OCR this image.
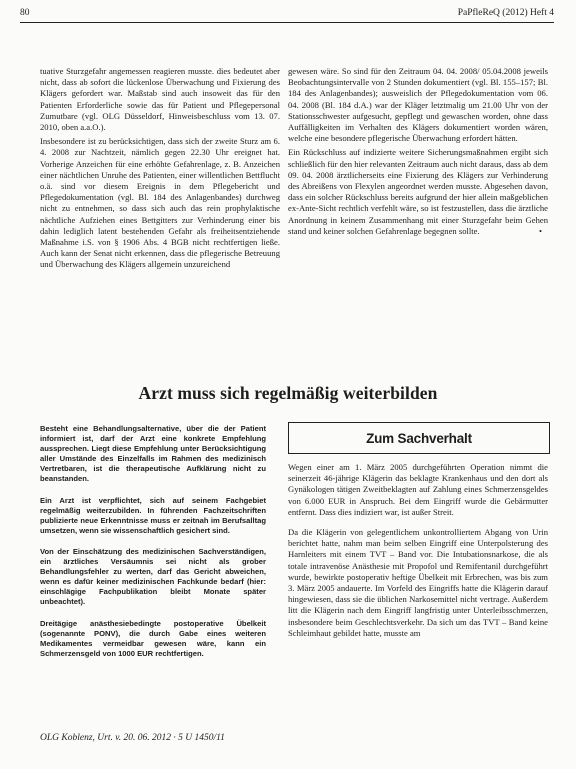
80	PaPfleReQ (2012) Heft 4

tuative Sturzgefahr angemessen reagieren musste. dies bedeutet aber nicht, dass ab sofort die lückenlose Überwachung und Fixierung des Klägers gefordert war. Maßstab sind auch insoweit das für den Patienten Erforderliche sowie das für Patient und Pflegepersonal Zumutbare (vgl. OLG Düsseldorf, Hinweisbeschluss vom 13. 07. 2010, oben a.a.O.).

Insbesondere ist zu berücksichtigen, dass sich der zweite Sturz am 6. 4. 2008 zur Nachtzeit, nämlich gegen 22.30 Uhr ereignet hat. Vorherige Anzeichen für eine erhöhte Gefahrenlage, z. B. Anzeichen einer nächtlichen Unruhe des Patienten, einer willentlichen Bettflucht o.ä. sind vor diesem Ereignis in dem Pflegebericht und Pflegedokumentation (vgl. Bl. 184 des Anlagenbandes) durchweg nicht zu entnehmen, so dass sich auch das rein prophylaktische nächtliche Aufziehen eines Bettgitters zur Verhinderung einer bis dahin lediglich latent bestehenden Gefahr als freiheitsentziehende Maßnahme i.S. von § 1906 Abs. 4 BGB nicht rechtfertigen ließe. Auch kann der Senat nicht erkennen, dass die pflegerische Betreuung und Überwachung des Klägers allgemein unzureichend

gewesen wäre. So sind für den Zeitraum 04. 04. 2008/ 05.04.2008 jeweils Beobachtungsintervalle von 2 Stunden dokumentiert (vgl. Bl. 155–157; Bl. 184 des Anlagenbandes); ausweislich der Pflegedokumentation vom 06. 04. 2008 (Bl. 184 d.A.) war der Kläger letztmalig um 21.00 Uhr von der Stationsschwester aufgesucht, gepflegt und gewaschen worden, ohne dass Auffälligkeiten im Verhalten des Klägers dokumentiert worden wären, welche eine besondere pflegerische Überwachung erfordert hätten.

Ein Rückschluss auf indizierte weitere Sicherungsmaßnahmen ergibt sich schließlich für den hier relevanten Zeitraum auch nicht daraus, dass ab dem 09. 04. 2008 ärztlicherseits eine Fixierung des Klägers zur Verhinderung des Abreißens von Flexylen angeordnet werden musste. Abgesehen davon, dass ein solcher Rückschluss bereits aufgrund der hier allein maßgeblichen ex-Ante-Sicht rechtlich verfehlt wäre, so ist festzustellen, dass die ärztliche Anordnung in keinem Zusammenhang mit einer Sturzgefahr beim Gehen stand und keiner solchen Gefahrenlage begegnen sollte.	•

Arzt muss sich regelmäßig weiterbilden

Besteht eine Behandlungsalternative, über die der Patient informiert ist, darf der Arzt eine konkrete Empfehlung aussprechen. Liegt diese Empfehlung unter Berücksichtigung aller Umstände des Einzelfalls im Rahmen des medizinisch Vertretbaren, ist die therapeutische Aufklärung nicht zu beanstanden.

Ein Arzt ist verpflichtet, sich auf seinem Fachgebiet regelmäßig weiterzubilden. In führenden Fachzeitschriften publizierte neue Erkenntnisse muss er zeitnah im Berufsalltag umsetzen, wenn sie wissenschaftlich gesichert sind.

Von der Einschätzung des medizinischen Sachverständigen, ein ärztliches Versäumnis sei nicht als grober Behandlungsfehler zu werten, darf das Gericht abweichen, wenn es dafür keiner medizinischen Fachkunde bedarf (hier: einschlägige Fachpublikation bleibt Monate später unbeachtet).

Dreitägige anästhesiebedingte postoperative Übelkeit (sogenannte PONV), die durch Gabe eines weiteren Medikamentes vermeidbar gewesen wäre, kann ein Schmerzensgeld von 1000 EUR rechtfertigen.

OLG Koblenz, Urt. v. 20. 06. 2012 · 5 U 1450/11
Zum Sachverhalt

Wegen einer am 1. März 2005 durchgeführten Operation nimmt die seinerzeit 46-jährige Klägerin das beklagte Krankenhaus und den dort als Gynäkologen tätigen Zweitbeklagten auf Zahlung eines Schmerzensgeldes von 6.000 EUR in Anspruch. Bei dem Eingriff wurde die Gebärmutter entfernt. Dass dies indiziert war, ist außer Streit.

Da die Klägerin von gelegentlichem unkontrolliertem Abgang von Urin berichtet hatte, nahm man beim selben Eingriff eine Unterpolsterung des Harnleiters mit einem TVT – Band vor. Die Intubationsnarkose, die als totale intravenöse Anästhesie mit Propofol und Remifentanil durchgeführt wurde, bewirkte postoperativ heftige Übelkeit mit Erbrechen, was bis zum 3. März 2005 andauerte. Im Vorfeld des Eingriffs hatte die Klägerin darauf hingewiesen, dass sie die üblichen Narkosemittel nicht vertrage. Außerdem litt die Klägerin nach dem Eingriff langfristig unter Unterleibsschmerzen, insbesondere beim Geschlechtsverkehr. Da sich um das TVT – Band keine Schleimhaut gebildet hatte, musste am
